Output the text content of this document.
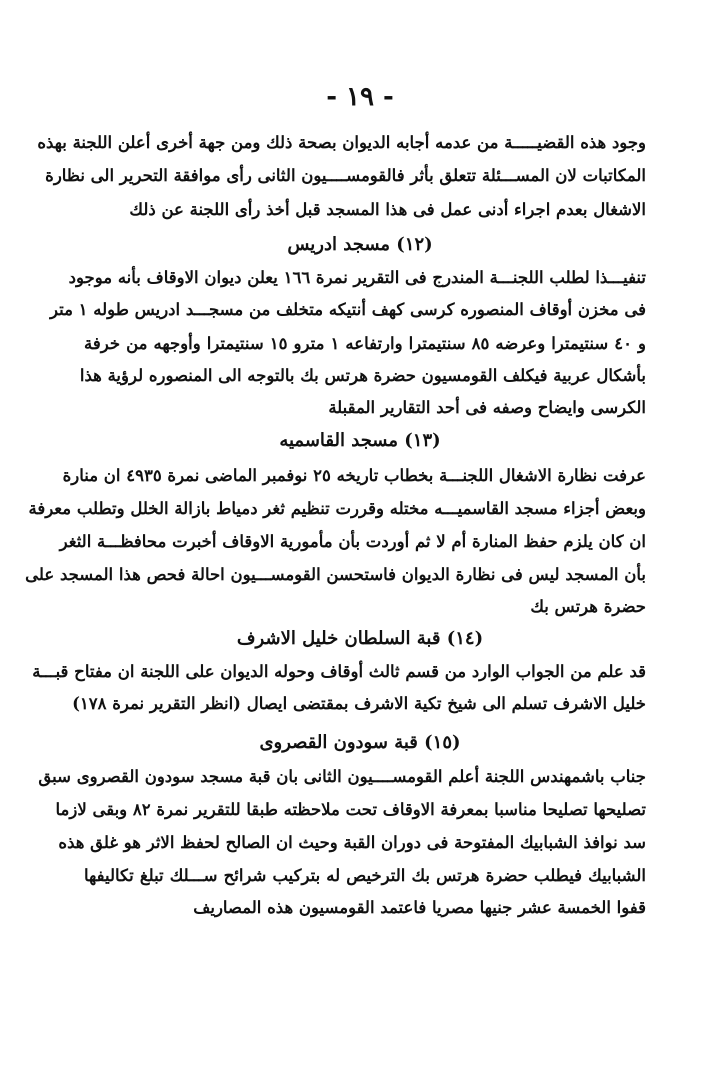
- ١٩ -
وجود هذه القضيـــــة من عدمه أجابه الديوان بصحة ذلك ومن جهة أخرى أعلن اللجنة بهذه
المكاتبات لان المســـئلة تتعلق بأثر فالقومســــيون الثانى رأى موافقة التحرير الى نظارة
الاشغال بعدم اجراء أدنى عمل فى هذا المسجد قبل أخذ رأى اللجنة عن ذلك
(١٢) مسجد ادريس
تنفيـــذا لطلب اللجنـــة المندرج فى التقرير نمرة ١٦٦ يعلن ديوان الاوقاف بأنه موجود
فى مخزن أوقاف المنصوره كرسى كهف أنتيكه متخلف من مسجـــد ادريس طوله ١ متر
و ٤٠ سنتيمترا وعرضه ٨٥ سنتيمترا وارتفاعه ١ مترو ١٥ سنتيمترا وأوجهه من خرفة
بأشكال عربية فيكلف القومسيون حضرة هرتس بك بالتوجه الى المنصوره لرؤية هذا
الكرسى وايضاح وصفه فى أحد التقارير المقبلة
(١٣) مسجد القاسميه
عرفت نظارة الاشغال اللجنـــة بخطاب تاريخه ٢٥ نوفمبر الماضى نمرة ٤٩٣٥ ان منارة
وبعض أجزاء مسجد القاسميـــه مختله وقررت تنظيم ثغر دمياط بازالة الخلل وتطلب معرفة
ان كان يلزم حفظ المنارة أم لا ثم أوردت بأن مأمورية الاوقاف أخبرت محافظـــة الثغر
بأن المسجد ليس فى نظارة الديوان فاستحسن القومســـيون احالة فحص هذا المسجد على
حضرة هرتس بك
(١٤) قبة السلطان خليل الاشرف
قد علم من الجواب الوارد من قسم ثالث أوقاف وحوله الديوان على اللجنة ان مفتاح قبـــة
خليل الاشرف تسلم الى شيخ تكية الاشرف بمقتضى ايصال (انظر التقرير نمرة ١٧٨)
(١٥) قبة سودون القصروى
جناب باشمهندس اللجنة أعلم القومســــيون الثانى بان قبة مسجد سودون القصروى سبق
تصليحها تصليحا مناسبا بمعرفة الاوقاف تحت ملاحظته طبقا للتقرير نمرة ٨٢ وبقى لازما
سد نوافذ الشبابيك المفتوحة فى دوران القبة وحيث ان الصالح لحفظ الاثر هو غلق هذه
الشبابيك فيطلب حضرة هرتس بك الترخيص له بتركيب شرائح ســـلك تبلغ تكاليفها
قفوا الخمسة عشر جنيها مصريا فاعتمد القومسيون هذه المصاريف
